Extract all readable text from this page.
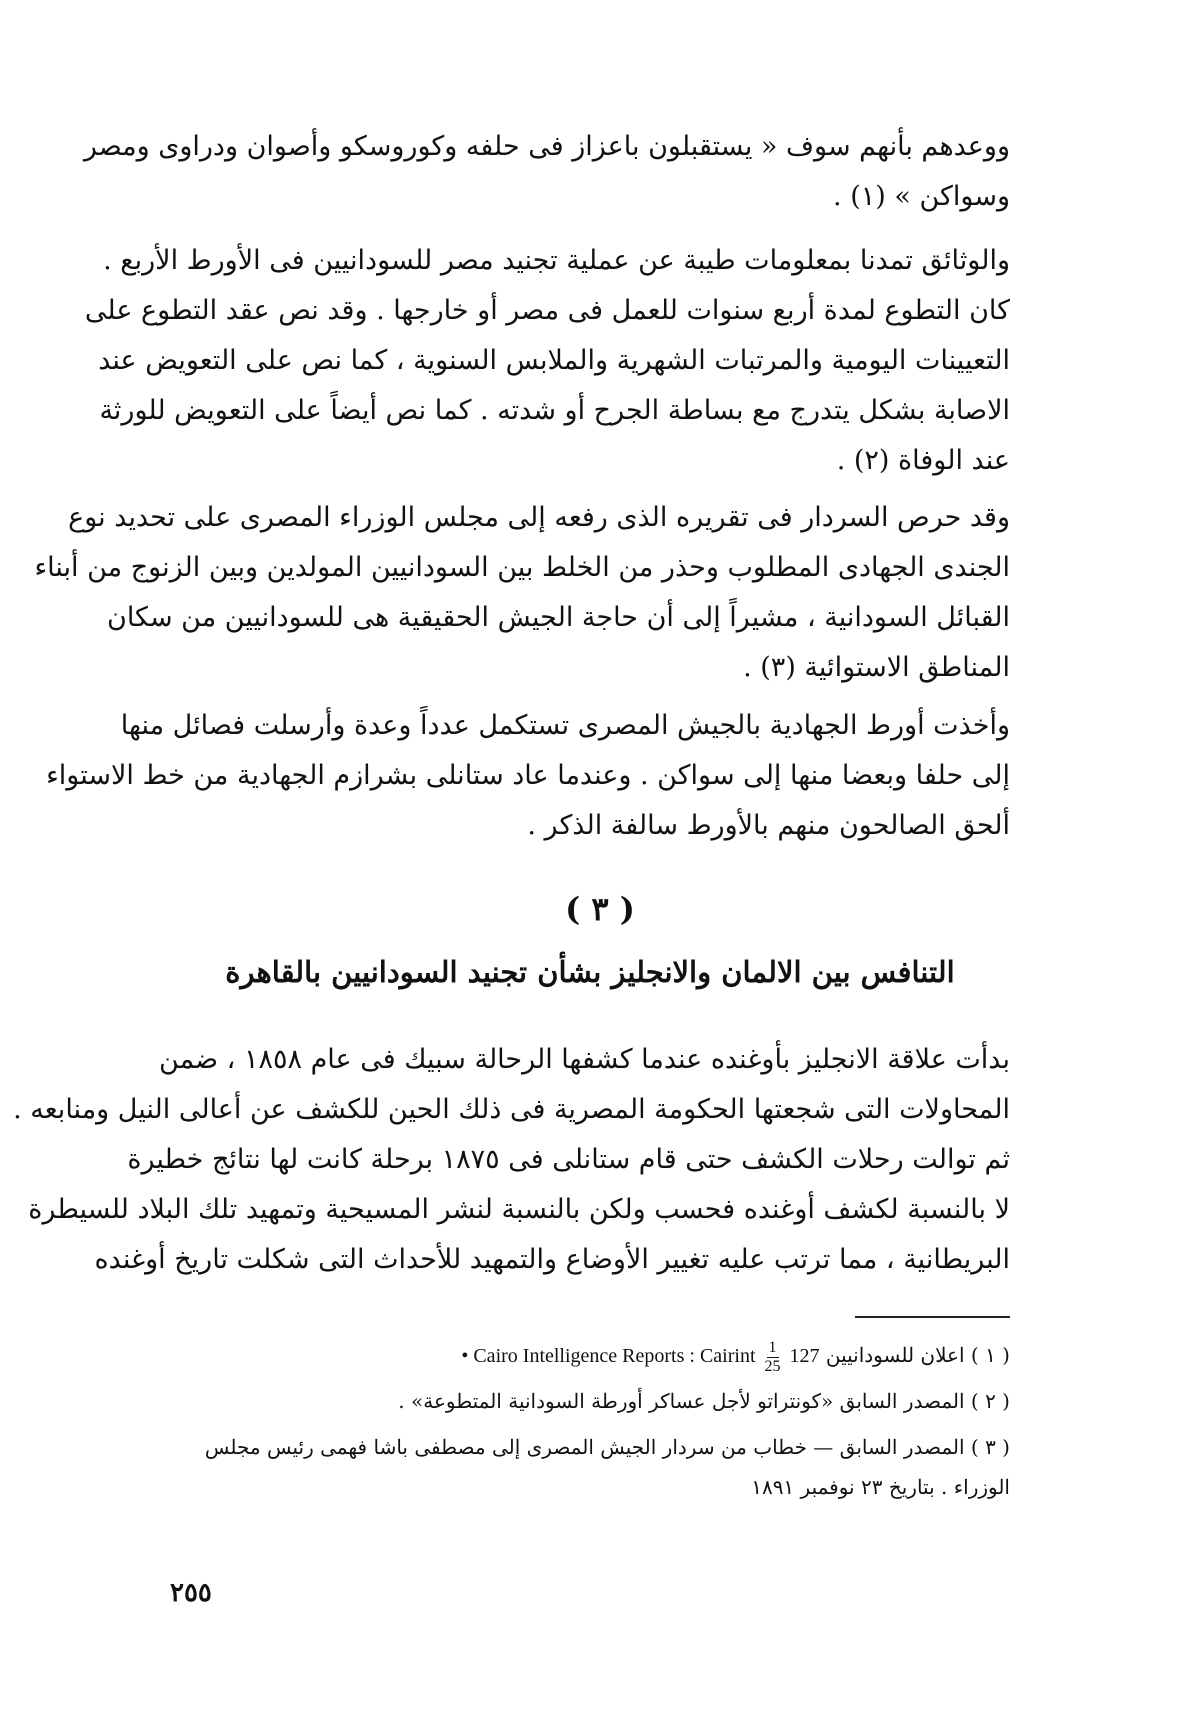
ووعدهم بأنهم سوف « يستقبلون باعزاز فى حلفه وكوروسكو وأصوان ودراوى ومصر
وسواكن » (١) .
والوثائق تمدنا بمعلومات طيبة عن عملية تجنيد مصر للسودانيين فى الأورط الأربع .
كان التطوع لمدة أربع سنوات للعمل فى مصر أو خارجها . وقد نص عقد التطوع على
التعيينات اليومية والمرتبات الشهرية والملابس السنوية ، كما نص على التعويض عند
الاصابة بشكل يتدرج مع بساطة الجرح أو شدته . كما نص أيضاً على التعويض للورثة
عند الوفاة (٢) .
وقد حرص السردار فى تقريره الذى رفعه إلى مجلس الوزراء المصرى على تحديد نوع
الجندى الجهادى المطلوب وحذر من الخلط بين السودانيين المولدين وبين الزنوج من أبناء
القبائل السودانية ، مشيراً إلى أن حاجة الجيش الحقيقية هى للسودانيين من سكان
المناطق الاستوائية (٣) .
وأخذت أورط الجهادية بالجيش المصرى تستكمل عدداً وعدة وأرسلت فصائل منها
إلى حلفا وبعضا منها إلى سواكن . وعندما عاد ستانلى بشرازم الجهادية من خط الاستواء
ألحق الصالحون منهم بالأورط سالفة الذكر .
( ٣ )
التنافس بين الالمان والانجليز بشأن تجنيد السودانيين بالقاهرة
بدأت علاقة الانجليز بأوغنده عندما كشفها الرحالة سبيك فى عام ١٨٥٨ ، ضمن
المحاولات التى شجعتها الحكومة المصرية فى ذلك الحين للكشف عن أعالى النيل ومنابعه .
ثم توالت رحلات الكشف حتى قام ستانلى فى ١٨٧٥ برحلة كانت لها نتائج خطيرة
لا بالنسبة لكشف أوغنده فحسب ولكن بالنسبة لنشر المسيحية وتمهيد تلك البلاد للسيطرة
البريطانية ، مما ترتب عليه تغيير الأوضاع والتمهيد للأحداث التى شكلت تاريخ أوغنده
( ١ ) اعلان للسودانيين • Cairo Intelligence Reports : Cairint $\frac{1}{25} 127$
( ٢ ) المصدر السابق «كونتراتو لأجل عساكر أورطة السودانية المتطوعة» .
( ٣ ) المصدر السابق — خطاب من سردار الجيش المصرى إلى مصطفى باشا فهمى رئيس مجلس
الوزراء . بتاريخ ٢٣ نوفمبر ١٨٩١
٢٥٥
